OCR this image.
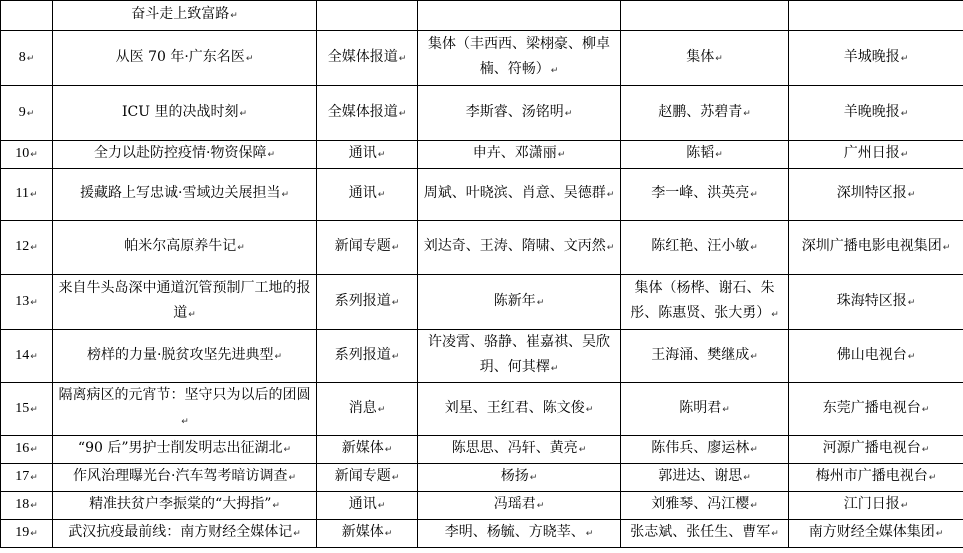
	奋斗走上致富路↵				
8↵	从医 70 年·广东名医↵	全媒体报道↵	集体（丰西西、梁栩豪、柳卓楠、符畅）↵	集体↵	羊城晚报↵
9↵	ICU 里的决战时刻↵	全媒体报道↵	李斯睿、汤铭明↵	赵鹏、苏碧青↵	羊晚晚报↵
10↵	全力以赴防控疫情·物资保障↵	通讯↵	申卉、邓潇丽↵	陈韬↵	广州日报↵
11↵	援藏路上写忠诚·雪域边关展担当↵	通讯↵	周斌、叶晓滨、肖意、吴德群↵	李一峰、洪英亮↵	深圳特区报↵
12↵	帕米尔高原养牛记↵	新闻专题↵	刘达奇、王涛、隋啸、文丙然↵	陈红艳、汪小敏↵	深圳广播电影电视集团↵
13↵	来自牛头岛深中通道沉管预制厂工地的报道↵	系列报道↵	陈新年↵	集体（杨桦、谢石、朱彤、陈惠贤、张大勇）↵	珠海特区报↵
14↵	榜样的力量·脱贫攻坚先进典型↵	系列报道↵	许凌霄、骆静、崔嘉祺、吴欣玥、何其檡↵	王海涌、樊继成↵	佛山电视台↵
15↵	隔离病区的元宵节：坚守只为以后的团圆↵	消息↵	刘星、王红君、陈文俊↵	陈明君↵	东莞广播电视台↵
16↵	“90 后”男护士削发明志出征湖北↵	新媒体↵	陈思思、冯轩、黄亮↵	陈伟兵、廖运林↵	河源广播电视台↵
17↵	作风治理曝光台·汽车驾考暗访调查↵	新闻专题↵	杨扬↵	郭进达、谢思↵	梅州市广播电视台↵
18↵	精准扶贫户李振棠的“大拇指”↵	通讯↵	冯瑶君↵	刘雅琴、冯江樱↵	江门日报↵
19↵	武汉抗疫最前线：南方财经全媒体记↵	新媒体↵	李明、杨毓、方晓莘、↵	张志斌、张任生、曹军↵	南方财经全媒体集团↵
